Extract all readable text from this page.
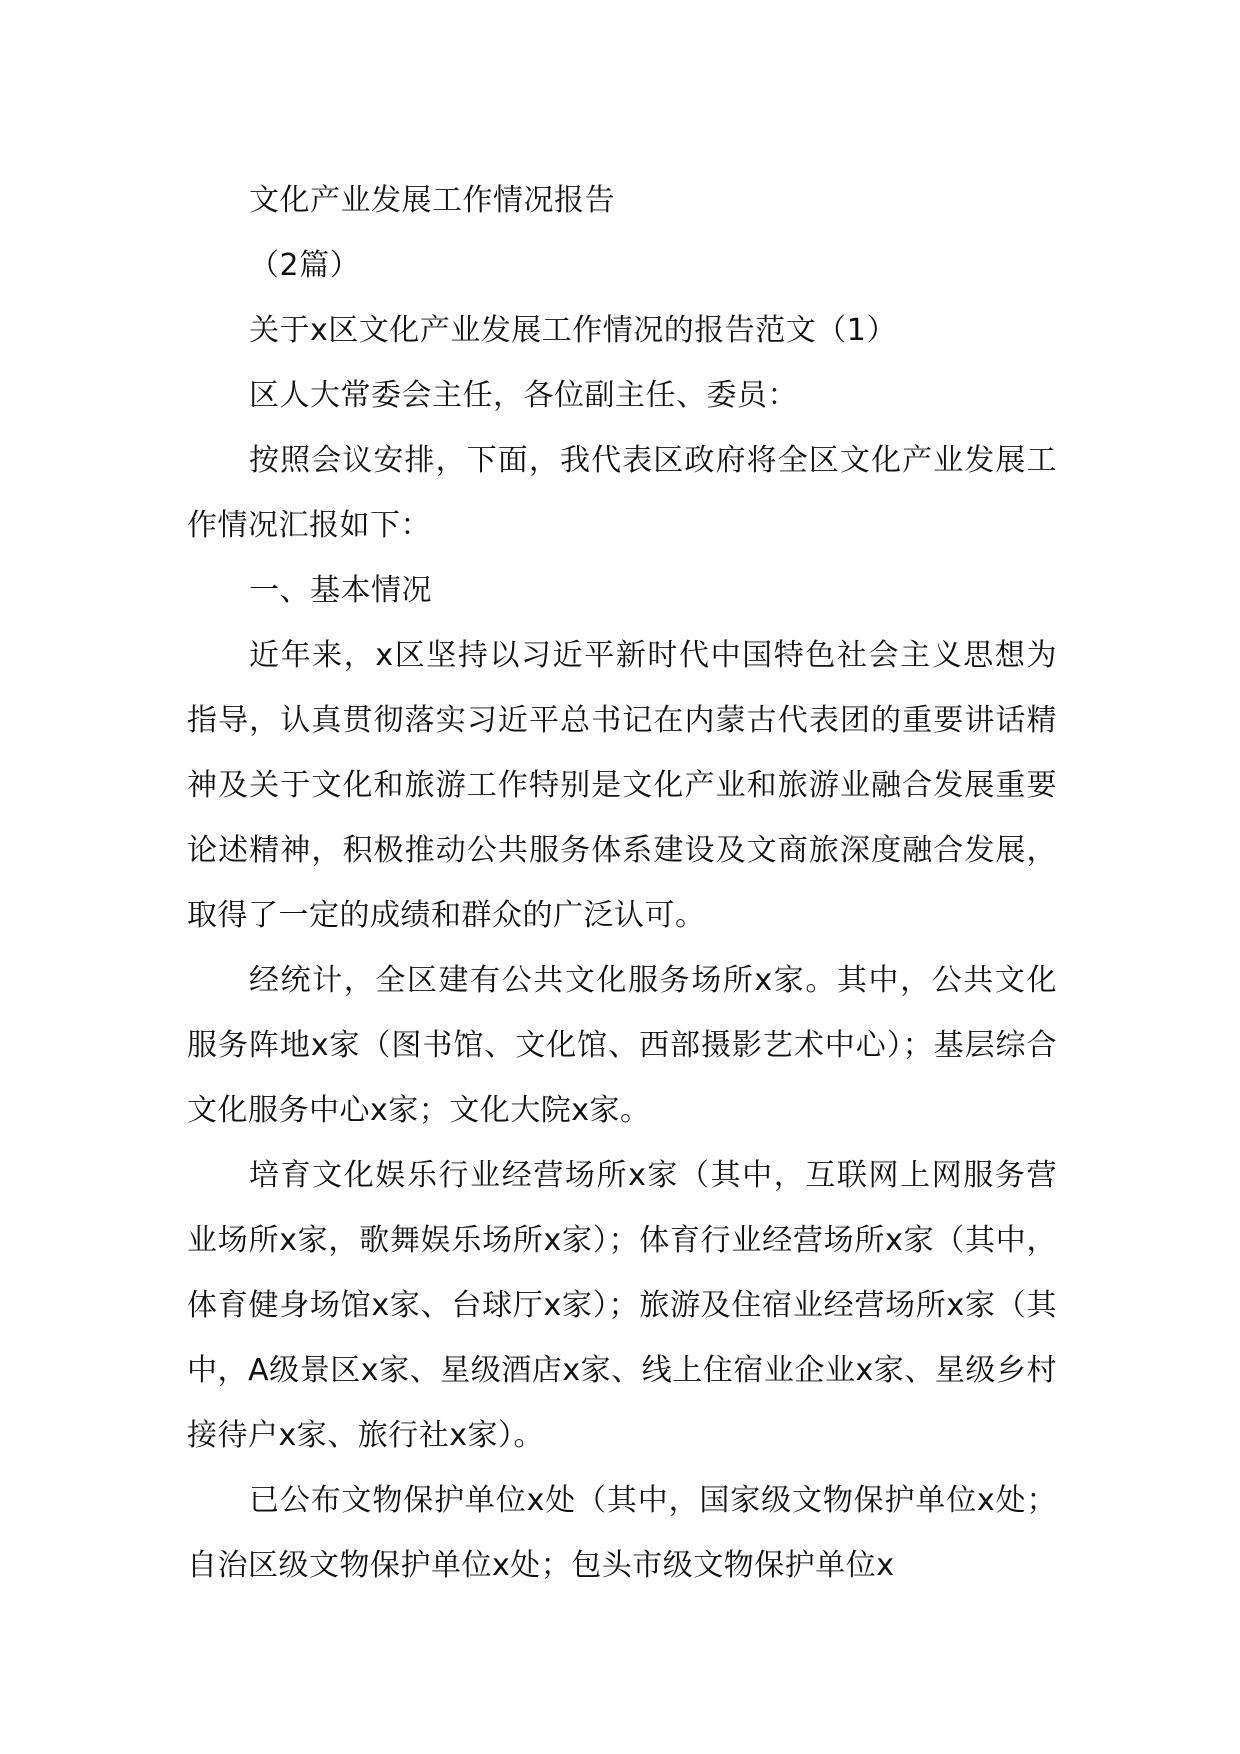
文化产业发展工作情况报告

（2篇）

关于x区文化产业发展工作情况的报告范文（1）

区人大常委会主任，各位副主任、委员：

按照会议安排，下面，我代表区政府将全区文化产业发展工作情况汇报如下：

一、基本情况

近年来，x区坚持以习近平新时代中国特色社会主义思想为指导，认真贯彻落实习近平总书记在内蒙古代表团的重要讲话精神及关于文化和旅游工作特别是文化产业和旅游业融合发展重要论述精神，积极推动公共服务体系建设及文商旅深度融合发展，取得了一定的成绩和群众的广泛认可。

经统计，全区建有公共文化服务场所x家。其中，公共文化服务阵地x家（图书馆、文化馆、西部摄影艺术中心）；基层综合文化服务中心x家；文化大院x家。

培育文化娱乐行业经营场所x家（其中，互联网上网服务营业场所x家，歌舞娱乐场所x家）；体育行业经营场所x家（其中，体育健身场馆x家、台球厅x家）；旅游及住宿业经营场所x家（其中，A级景区x家、星级酒店x家、线上住宿业企业x家、星级乡村接待户x家、旅行社x家）。

已公布文物保护单位x处（其中，国家级文物保护单位x处；自治区级文物保护单位x处；包头市级文物保护单位x
